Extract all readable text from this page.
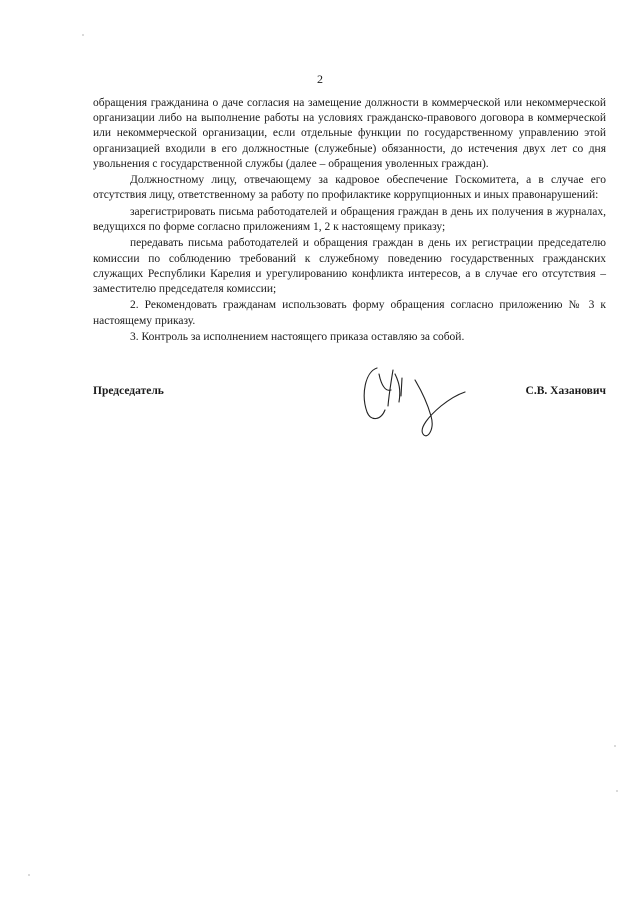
2

обращения гражданина о даче согласия на замещение должности в коммерческой или некоммерческой организации либо на выполнение работы на условиях гражданско-правового договора в коммерческой или некоммерческой организации, если отдельные функции по государственному управлению этой организацией входили в его должностные (служебные) обязанности, до истечения двух лет со дня увольнения с государственной службы (далее – обращения уволенных граждан).

Должностному лицу, отвечающему за кадровое обеспечение Госкомитета, а в случае его отсутствия лицу, ответственному за работу по профилактике коррупционных и иных правонарушений:

зарегистрировать письма работодателей и обращения граждан в день их получения в журналах, ведущихся по форме согласно приложениям 1, 2 к настоящему приказу;

передавать письма работодателей и обращения граждан в день их регистрации председателю комиссии по соблюдению требований к служебному поведению государственных гражданских служащих Республики Карелия и урегулированию конфликта интересов, а в случае его отсутствия – заместителю председателя комиссии;

2. Рекомендовать гражданам использовать форму обращения согласно приложению № 3 к настоящему приказу.

3. Контроль за исполнением настоящего приказа оставляю за собой.

Председатель	С.В. Хазанович
